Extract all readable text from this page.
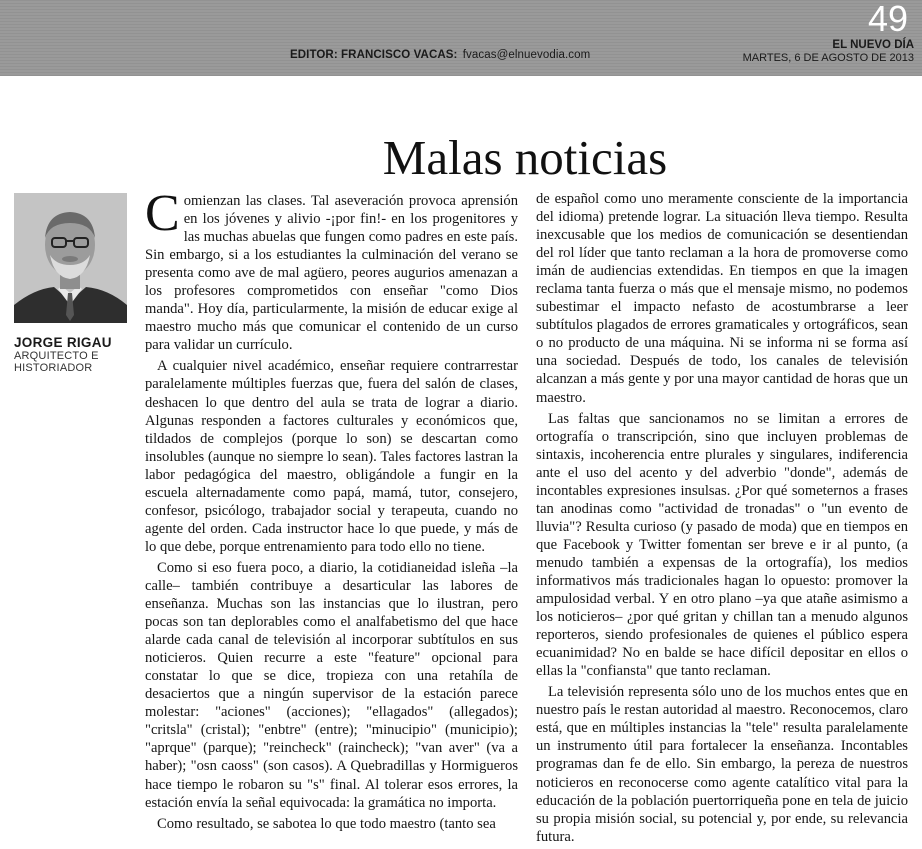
EDITOR: FRANCISCO VACAS: fvacas@elnuevodia.com
49
EL NUEVO DÍA
MARTES, 6 DE AGOSTO DE 2013
Malas noticias
JORGE RIGAU
ARQUITECTO E HISTORIADOR

Comienzan las clases. Tal aseveración provoca aprensión en los jóvenes y alivio -¡por fin!- en los progenitores y las muchas abuelas que fungen como padres en este país. Sin embargo, si a los estudiantes la culminación del verano se presenta como ave de mal agüero, peores augurios amenazan a los profesores comprometidos con enseñar "como Dios manda". Hoy día, particularmente, la misión de educar exige al maestro mucho más que comunicar el contenido de un curso para validar un currículo.

A cualquier nivel académico, enseñar requiere contrarrestar paralelamente múltiples fuerzas que, fuera del salón de clases, deshacen lo que dentro del aula se trata de lograr a diario. Algunas responden a factores culturales y económicos que, tildados de complejos (porque lo son) se descartan como insolubles (aunque no siempre lo sean). Tales factores lastran la labor pedagógica del maestro, obligándole a fungir en la escuela alternadamente como papá, mamá, tutor, consejero, confesor, psicólogo, trabajador social y terapeuta, cuando no agente del orden. Cada instructor hace lo que puede, y más de lo que debe, porque entrenamiento para todo ello no tiene.

Como si eso fuera poco, a diario, la cotidianeidad isleña –la calle– también contribuye a desarticular las labores de enseñanza. Muchas son las instancias que lo ilustran, pero pocas son tan deplorables como el analfabetismo del que hace alarde cada canal de televisión al incorporar subtítulos en sus noticieros. Quien recurre a este "feature" opcional para constatar lo que se dice, tropieza con una retahíla de desaciertos que a ningún supervisor de la estación parece molestar: "aciones" (acciones); "ellagados" (allegados); "critsla" (cristal); "enbtre" (entre); "minucipio" (municipio); "aprque" (parque); "reincheck" (raincheck); "van aver" (va a haber); "osn caoss" (son casos). A Quebradillas y Hormigueros hace tiempo le robaron su "s" final. Al tolerar esos errores, la estación envía la señal equivocada: la gramática no importa.

Como resultado, se sabotea lo que todo maestro (tanto sea

de español como uno meramente consciente de la importancia del idioma) pretende lograr. La situación lleva tiempo. Resulta inexcusable que los medios de comunicación se desentiendan del rol líder que tanto reclaman a la hora de promoverse como imán de audiencias extendidas. En tiempos en que la imagen reclama tanta fuerza o más que el mensaje mismo, no podemos subestimar el impacto nefasto de acostumbrarse a leer subtítulos plagados de errores gramaticales y ortográficos, sean o no producto de una máquina. Ni se informa ni se forma así una sociedad. Después de todo, los canales de televisión alcanzan a más gente y por una mayor cantidad de horas que un maestro.

Las faltas que sancionamos no se limitan a errores de ortografía o transcripción, sino que incluyen problemas de sintaxis, incoherencia entre plurales y singulares, indiferencia ante el uso del acento y del adverbio "donde", además de incontables expresiones insulsas. ¿Por qué someternos a frases tan anodinas como "actividad de tronadas" o "un evento de lluvia"? Resulta curioso (y pasado de moda) que en tiempos en que Facebook y Twitter fomentan ser breve e ir al punto, (a menudo también a expensas de la ortografía), los medios informativos más tradicionales hagan lo opuesto: promover la ampulosidad verbal. Y en otro plano –ya que atañe asimismo a los noticieros– ¿por qué gritan y chillan tan a menudo algunos reporteros, siendo profesionales de quienes el público espera ecuanimidad? No en balde se hace difícil depositar en ellos o ellas la "confiansta" que tanto reclaman.

La televisión representa sólo uno de los muchos entes que en nuestro país le restan autoridad al maestro. Reconocemos, claro está, que en múltiples instancias la "tele" resulta paralelamente un instrumento útil para fortalecer la enseñanza. Incontables programas dan fe de ello. Sin embargo, la pereza de nuestros noticieros en reconocerse como agente catalítico vital para la educación de la población puertorriqueña pone en tela de juicio su propia misión social, su potencial y, por ende, su relevancia futura.
